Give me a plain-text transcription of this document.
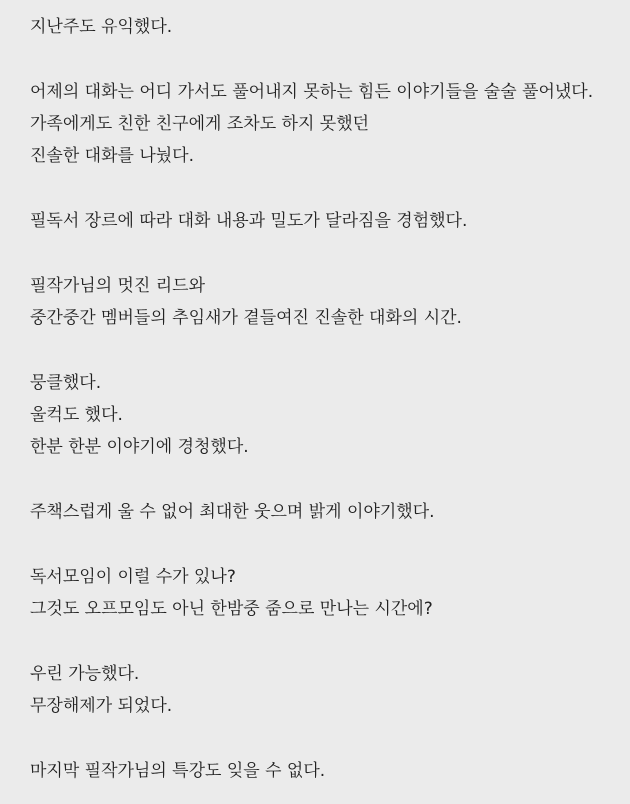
지난주도 유익했다.
어제의 대화는 어디 가서도 풀어내지 못하는 힘든 이야기들을 술술 풀어냈다.
가족에게도 친한 친구에게 조차도 하지 못했던
진솔한 대화를 나눴다.
필독서 장르에 따라 대화 내용과 밀도가 달라짐을 경험했다.
필작가님의 멋진 리드와
중간중간 멤버들의 추임새가 곁들여진 진솔한 대화의 시간.
뭉클했다.
울컥도 했다.
한분 한분 이야기에 경청했다.
주책스럽게 울 수 없어 최대한 웃으며 밝게 이야기했다.
독서모임이 이럴 수가 있나?
그것도 오프모임도 아닌 한밤중 줌으로 만나는 시간에?
우린 가능했다.
무장해제가 되었다.
마지막 필작가님의 특강도 잊을 수 없다.
